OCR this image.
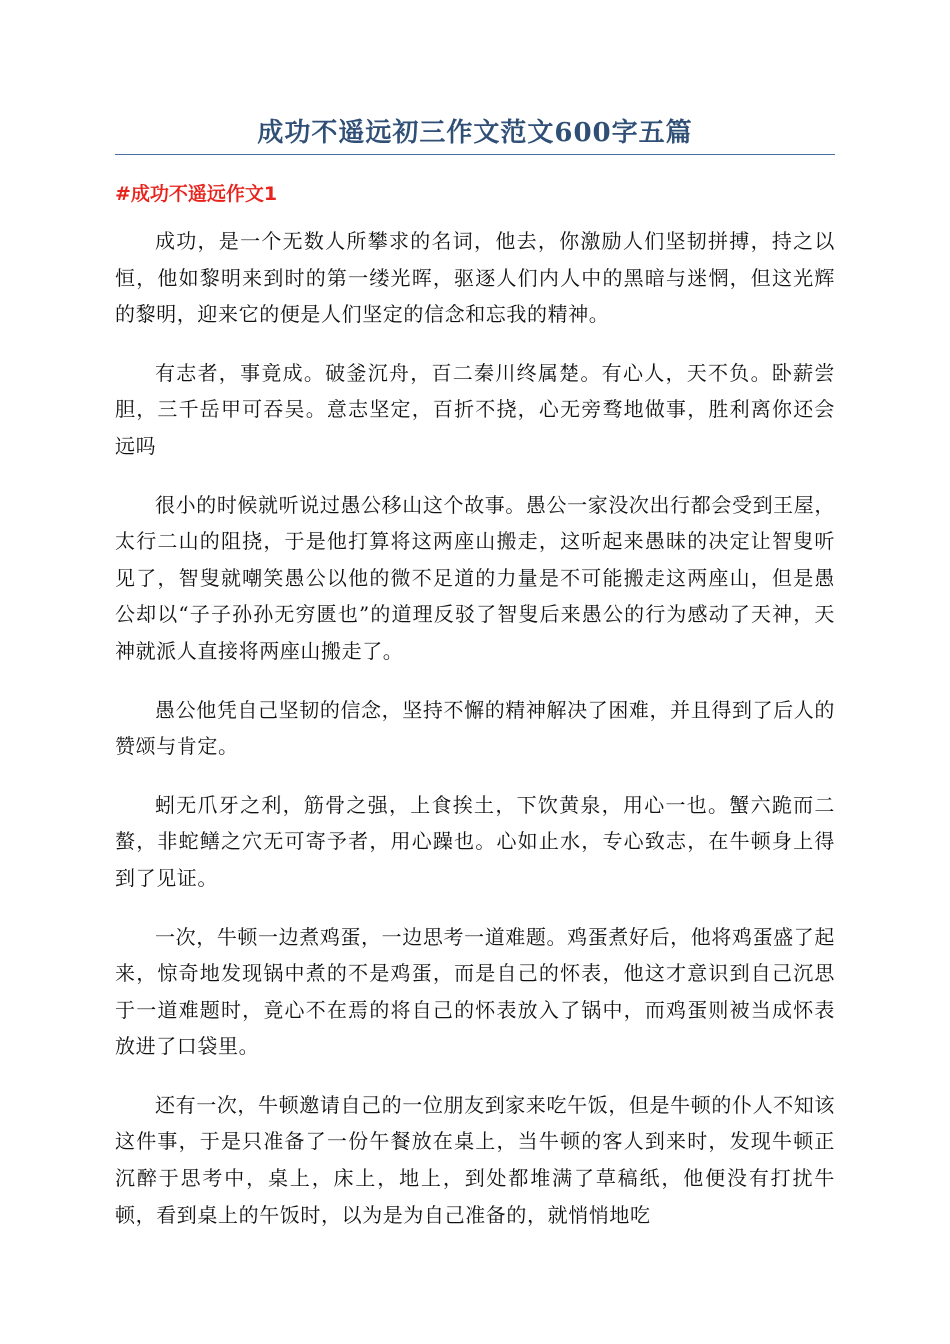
成功不遥远初三作文范文600字五篇
#成功不遥远作文1

成功，是一个无数人所攀求的名词，他去，你激励人们坚韧拼搏，持之以恒，他如黎明来到时的第一缕光晖，驱逐人们内人中的黑暗与迷惘，但这光辉的黎明，迎来它的便是人们坚定的信念和忘我的精神。

有志者，事竟成。破釜沉舟，百二秦川终属楚。有心人，天不负。卧薪尝胆，三千岳甲可吞吴。意志坚定，百折不挠，心无旁骛地做事，胜利离你还会远吗

很小的时候就听说过愚公移山这个故事。愚公一家没次出行都会受到王屋，太行二山的阻挠，于是他打算将这两座山搬走，这听起来愚昧的决定让智叟听见了，智叟就嘲笑愚公以他的微不足道的力量是不可能搬走这两座山，但是愚公却以“子子孙孙无穷匮也”的道理反驳了智叟后来愚公的行为感动了天神，天神就派人直接将两座山搬走了。

愚公他凭自己坚韧的信念，坚持不懈的精神解决了困难，并且得到了后人的赞颂与肯定。

蚓无爪牙之利，筋骨之强，上食挨土，下饮黄泉，用心一也。蟹六跪而二螯，非蛇鳝之穴无可寄予者，用心躁也。心如止水，专心致志，在牛顿身上得到了见证。

一次，牛顿一边煮鸡蛋，一边思考一道难题。鸡蛋煮好后，他将鸡蛋盛了起来，惊奇地发现锅中煮的不是鸡蛋，而是自己的怀表，他这才意识到自己沉思于一道难题时，竟心不在焉的将自己的怀表放入了锅中，而鸡蛋则被当成怀表放进了口袋里。

还有一次，牛顿邀请自己的一位朋友到家来吃午饭，但是牛顿的仆人不知该这件事，于是只准备了一份午餐放在桌上，当牛顿的客人到来时，发现牛顿正沉醉于思考中，桌上，床上，地上，到处都堆满了草稿纸，他便没有打扰牛顿，看到桌上的午饭时，以为是为自己准备的，就悄悄地吃
